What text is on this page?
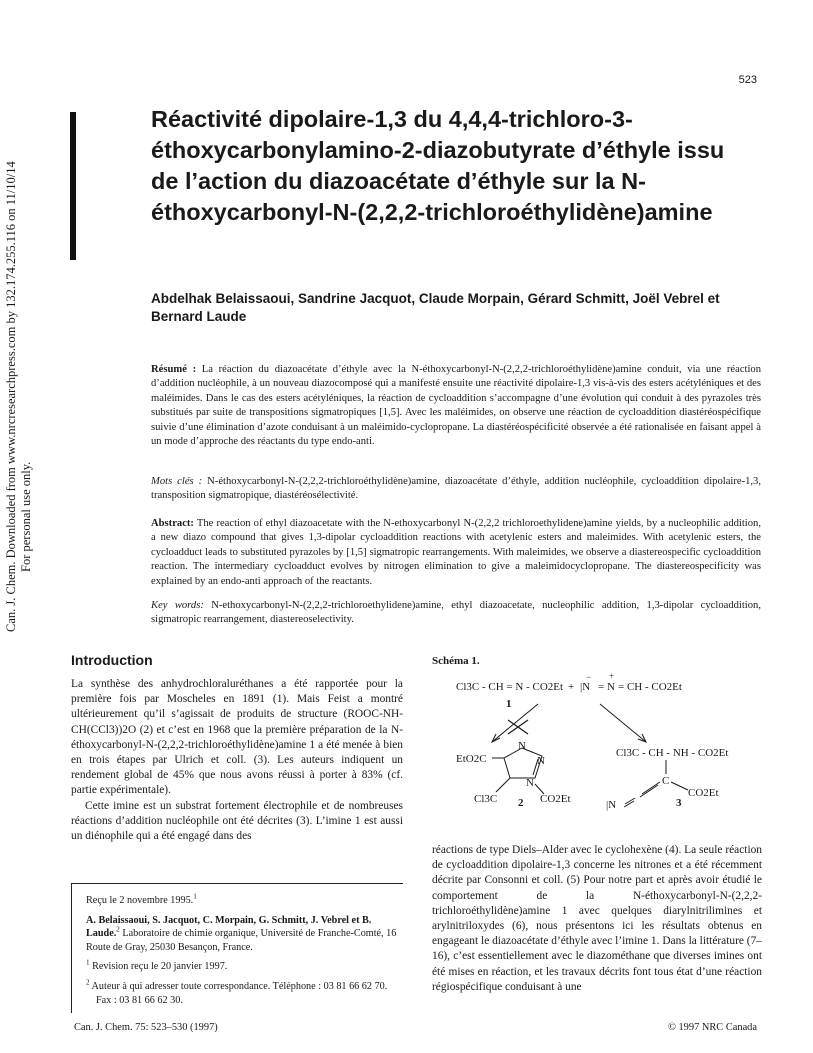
523
Can. J. Chem. Downloaded from www.nrcresearchpress.com by 132.174.255.116 on 11/10/14 For personal use only.
Réactivité dipolaire-1,3 du 4,4,4-trichloro-3-éthoxycarbonylamino-2-diazobutyrate d’éthyle issu de l’action du diazoacétate d’éthyle sur la N-éthoxycarbonyl-N-(2,2,2-trichloroéthylidène)amine

Abdelhak Belaissaoui, Sandrine Jacquot, Claude Morpain, Gérard Schmitt, Joël Vebrel et Bernard Laude

Résumé : La réaction du diazoacétate d’éthyle avec la N-éthoxycarbonyl-N-(2,2,2-trichloroéthylidène)amine conduit, via une réaction d’addition nucléophile, à un nouveau diazocomposé qui a manifesté ensuite une réactivité dipolaire-1,3 vis-à-vis des esters acétyléniques et des maléimides. Dans le cas des esters acétyléniques, la réaction de cycloaddition s’accompagne d’une évolution qui conduit à des pyrazoles très substitués par suite de transpositions sigmatropiques [1,5]. Avec les maléimides, on observe une réaction de cycloaddition diastéréospécifique suivie d’une élimination d’azote conduisant à un maléimido-cyclopropane. La diastéréospécificité observée a été rationalisée en faisant appel à un mode d’approche des réactants du type endo-anti.
Mots clés : N-éthoxycarbonyl-N-(2,2,2-trichloroéthylidène)amine, diazoacétate d’éthyle, addition nucléophile, cycloaddition dipolaire-1,3, transposition sigmatropique, diastéréosélectivité.
Abstract: The reaction of ethyl diazoacetate with the N-ethoxycarbonyl N-(2,2,2 trichloroethylidene)amine yields, by a nucleophilic addition, a new diazo compound that gives 1,3-dipolar cycloaddition reactions with acetylenic esters and maleimides. With acetylenic esters, the cycloadduct leads to substituted pyrazoles by [1,5] sigmatropic rearrangements. With maleimides, we observe a diastereospecific cycloaddition reaction. The intermediary cycloadduct evolves by nitrogen elimination to give a maleimidocyclopropane. The diastereospecificity was explained by an endo-anti approach of the reactants.
Key words: N-ethoxycarbonyl-N-(2,2,2-trichloroethylidene)amine, ethyl diazoacetate, nucleophilic addition, 1,3-dipolar cycloaddition, sigmatropic rearrangement, diastereoselectivity.
Introduction

La synthèse des anhydrochloraluréthanes a été rapportée pour la première fois par Moscheles en 1891 (1). Mais Feist a montré ultérieurement qu’il s’agissait de produits de structure (ROOC-NH-CH(CCl3))2O (2) et c’est en 1968 que la première préparation de la N-éthoxycarbonyl-N-(2,2,2-trichloroéthylidène)amine 1 a été menée à bien en trois étapes par Ulrich et coll. (3). Les auteurs indiquent un rendement global de 45% que nous avons réussi à porter à 83% (cf. partie expérimentale).

Cette imine est un substrat fortement électrophile et de nombreuses réactions d’addition nucléophile ont été décrites (3). L’imine 1 est aussi un diénophile qui a été engagé dans des

Schéma 1.
Cl3C - CH = N - CO2Et + |N = N = CH - CO2Et
− +
1
N
N
N
EtO2C
Cl3C	CO2Et
2
Cl3C - CH - NH - CO2Et
C
CO2Et
|N	3
réactions de type Diels–Alder avec le cyclohexène (4). La seule réaction de cycloaddition dipolaire-1,3 concerne les nitrones et a été récemment décrite par Consonni et coll. (5) Pour notre part et après avoir étudié le comportement de la N-éthoxycarbonyl-N-(2,2,2-trichloroéthylidène)amine 1 avec quelques diarylnitrilimines et arylnitriloxydes (6), nous présentons ici les résultats obtenus en engageant le diazoacétate d’éthyle avec l’imine 1. Dans la littérature (7–16), c’est essentiellement avec le diazométhane que diverses imines ont été mises en réaction, et les travaux décrits font tous état d’une réaction régiospécifique conduisant à une

Reçu le 2 novembre 1995.$^1$

A. Belaissaoui, S. Jacquot, C. Morpain, G. Schmitt, J. Vebrel et B. Laude.$^2$ Laboratoire de chimie organique, Université de Franche-Comté, 16 Route de Gray, 25030 Besançon, France.

$^1$ Revision reçu le 20 janvier 1997.

$^2$ Auteur à qui adresser toute correspondance. Téléphone : 03 81 66 62 70. Fax : 03 81 66 62 30.

Can. J. Chem. 75: 523–530 (1997)	© 1997 NRC Canada
